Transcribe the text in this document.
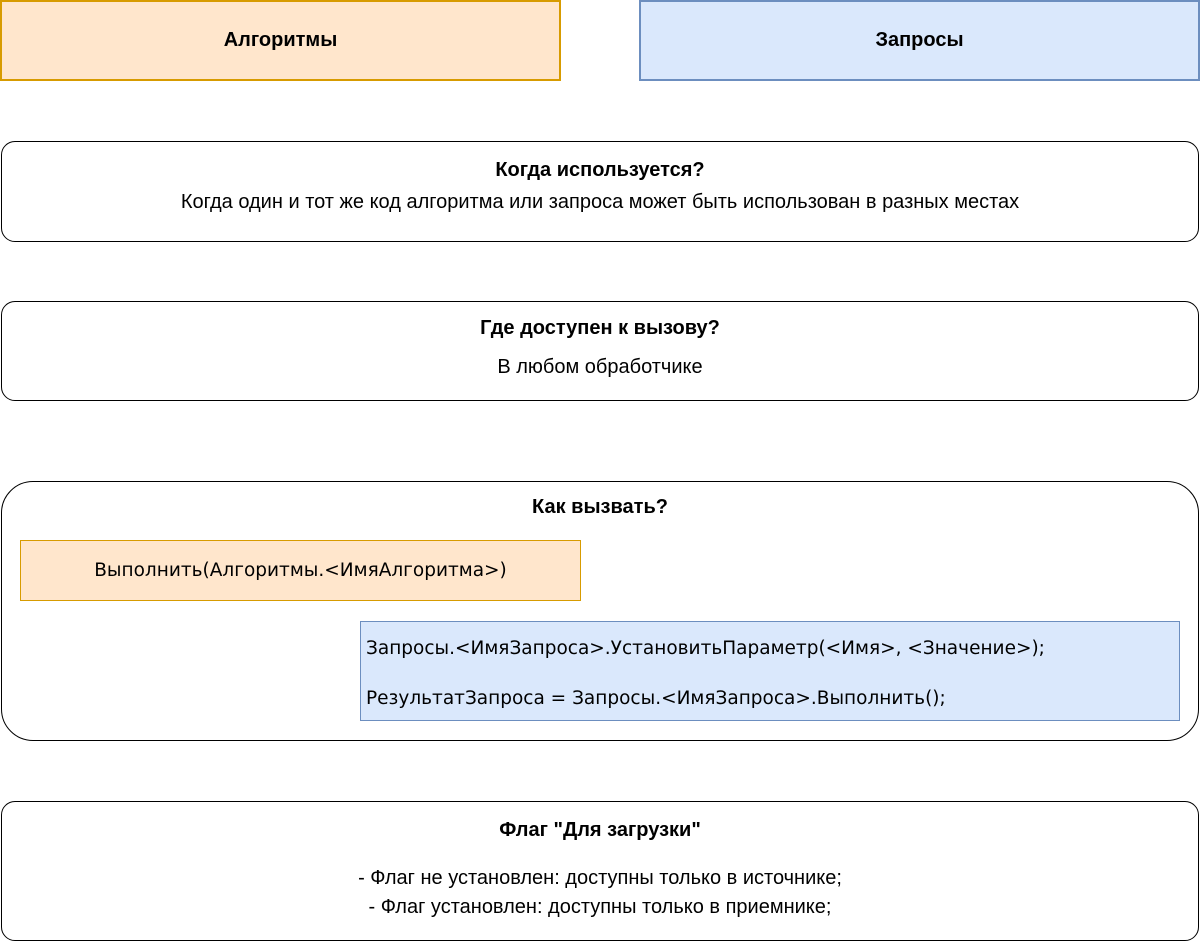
Алгоритмы	Запросы
Когда используется?
Когда один и тот же код алгоритма или запроса может быть использован в разных местах
Где доступен к вызову?
В любом обработчике
Как вызвать?
Выполнить(Алгоритмы.<ИмяАлгоритма>)
Запросы.<ИмяЗапроса>.УстановитьПараметр(<Имя>, <Значение>);
РезультатЗапроса = Запросы.<ИмяЗапроса>.Выполнить();
Флаг "Для загрузки"
- Флаг не установлен: доступны только в источнике;
- Флаг установлен: доступны только в приемнике;
